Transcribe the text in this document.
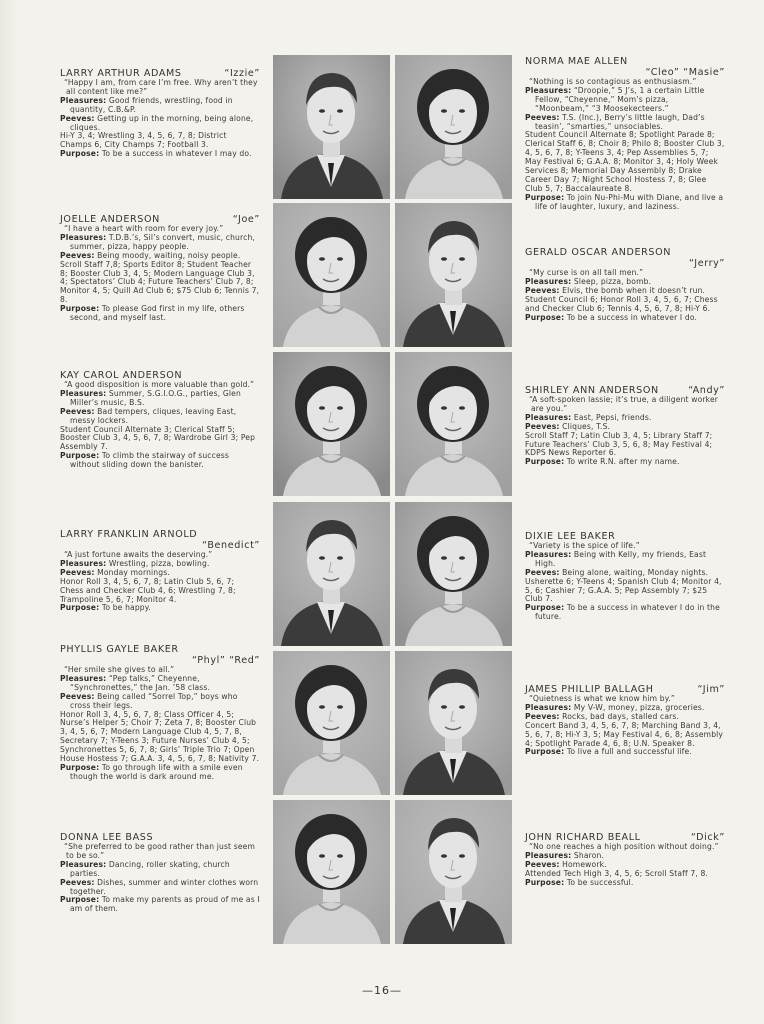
LARRY ARTHUR ADAMS	“Izzie”

“Happy I am, from care I’m free. Why aren’t they all content like me?”

Pleasures: Good friends, wrestling, food in quantity, C.B.&P.

Peeves: Getting up in the morning, being alone, cliques.

Hi-Y 3, 4; Wrestling 3, 4, 5, 6, 7, 8; District Champs 6, City Champs 7; Football 3.

Purpose: To be a success in whatever I may do.

JOELLE ANDERSON	“Joe”

“I have a heart with room for every joy.”

Pleasures: T.D.B.’s, Sil’s convert, music, church, summer, pizza, happy people.

Peeves: Being moody, waiting, noisy people.

Scroll Staff 7,8; Sports Editor 8; Student Teacher 8; Booster Club 3, 4, 5; Modern Language Club 3, 4; Spectators’ Club 4; Future Teachers’ Club 7, 8; Monitor 4, 5; Quill Ad Club 6; $75 Club 6; Tennis 7, 8.

Purpose: To please God first in my life, others second, and myself last.

KAY CAROL ANDERSON

“A good disposition is more valuable than gold.”

Pleasures: Summer, S.G.I.O.G., parties, Glen Miller’s music, B.S.

Peeves: Bad tempers, cliques, leaving East, messy lockers.

Student Council Alternate 3; Clerical Staff 5; Booster Club 3, 4, 5, 6, 7, 8; Wardrobe Girl 3; Pep Assembly 7.

Purpose: To climb the stairway of success without sliding down the banister.

LARRY FRANKLIN ARNOLD
“Benedict”

“A just fortune awaits the deserving.”

Pleasures: Wrestling, pizza, bowling.

Peeves: Monday mornings.

Honor Roll 3, 4, 5, 6, 7, 8; Latin Club 5, 6, 7; Chess and Checker Club 4, 6; Wrestling 7, 8; Trampoline 5, 6, 7; Monitor 4.

Purpose: To be happy.

PHYLLIS GAYLE BAKER
“Phyl” “Red”

“Her smile she gives to all.”

Pleasures: “Pep talks,” Cheyenne, “Synchronettes,” the Jan. ’58 class.

Peeves: Being called “Sorrel Top,” boys who cross their legs.

Honor Roll 3, 4, 5, 6, 7, 8; Class Officer 4, 5; Nurse’s Helper 5; Choir 7; Zeta 7, 8; Booster Club 3, 4, 5, 6, 7; Modern Language Club 4, 5, 7, 8, Secretary 7; Y-Teens 3; Future Nurses’ Club 4, 5; Synchronettes 5, 6, 7, 8; Girls’ Triple Trio 7; Open House Hostess 7; G.A.A. 3, 4, 5, 6, 7, 8; Nativity 7.

Purpose: To go through life with a smile even though the world is dark around me.

DONNA LEE BASS

“She preferred to be good rather than just seem to be so.”

Pleasures: Dancing, roller skating, church parties.

Peeves: Dishes, summer and winter clothes worn together.

Purpose: To make my parents as proud of me as I am of them.

NORMA MAE ALLEN
“Cleo” “Masie”

“Nothing is so contagious as enthusiasm.”

Pleasures: “Droopie,” 5 J’s, 1 a certain Little Fellow, “Cheyenne,” Mom’s pizza, “Moonbeam,” “3 Moosekecteers.”

Peeves: T.S. (Inc.), Berry’s little laugh, Dad’s teasin’, “smarties,” unsociables.

Student Council Alternate 8; Spotlight Parade 8; Clerical Staff 6, 8; Choir 8; Philo 8; Booster Club 3, 4, 5, 6, 7, 8; Y-Teens 3, 4; Pep Assemblies 5, 7; May Festival 6; G.A.A. 8; Monitor 3, 4; Holy Week Services 8; Memorial Day Assembly 8; Drake Career Day 7; Night School Hostess 7, 8; Glee Club 5, 7; Baccalaureate 8.

Purpose: To join Nu-Phi-Mu with Diane, and live a life of laughter, luxury, and laziness.

GERALD OSCAR ANDERSON
“Jerry”

“My curse is on all tall men.”

Pleasures: Sleep, pizza, bomb.

Peeves: Elvis, the bomb when it doesn’t run.

Student Council 6; Honor Roll 3, 4, 5, 6, 7; Chess and Checker Club 6; Tennis 4, 5, 6, 7, 8; Hi-Y 6.

Purpose: To be a success in whatever I do.

SHIRLEY ANN ANDERSON	“Andy”

“A soft-spoken lassie; it’s true, a diligent worker are you.”

Pleasures: East, Pepsi, friends.

Peeves: Cliques, T.S.

Scroll Staff 7; Latin Club 3, 4, 5; Library Staff 7; Future Teachers’ Club 3, 5, 6, 8; May Festival 4; KDPS News Reporter 6.

Purpose: To write R.N. after my name.

DIXIE LEE BAKER

“Variety is the spice of life.”

Pleasures: Being with Kelly, my friends, East High.

Peeves: Being alone, waiting, Monday nights.

Usherette 6; Y-Teens 4; Spanish Club 4; Monitor 4, 5, 6; Cashier 7; G.A.A. 5; Pep Assembly 7; $25 Club 7.

Purpose: To be a success in whatever I do in the future.

JAMES PHILLIP BALLAGH	“Jim”

“Quietness is what we know him by.”

Pleasures: My V-W, money, pizza, groceries.

Peeves: Rocks, bad days, stalled cars.

Concert Band 3, 4, 5, 6, 7, 8; Marching Band 3, 4, 5, 6, 7, 8; Hi-Y 3, 5; May Festival 4, 6, 8; Assembly 4; Spotlight Parade 4, 6, 8; U.N. Speaker 8.

Purpose: To live a full and successful life.

JOHN RICHARD BEALL	“Dick”

“No one reaches a high position without doing.”

Pleasures: Sharon.

Peeves: Homework.

Attended Tech High 3, 4, 5, 6; Scroll Staff 7, 8.

Purpose: To be successful.

—16—
